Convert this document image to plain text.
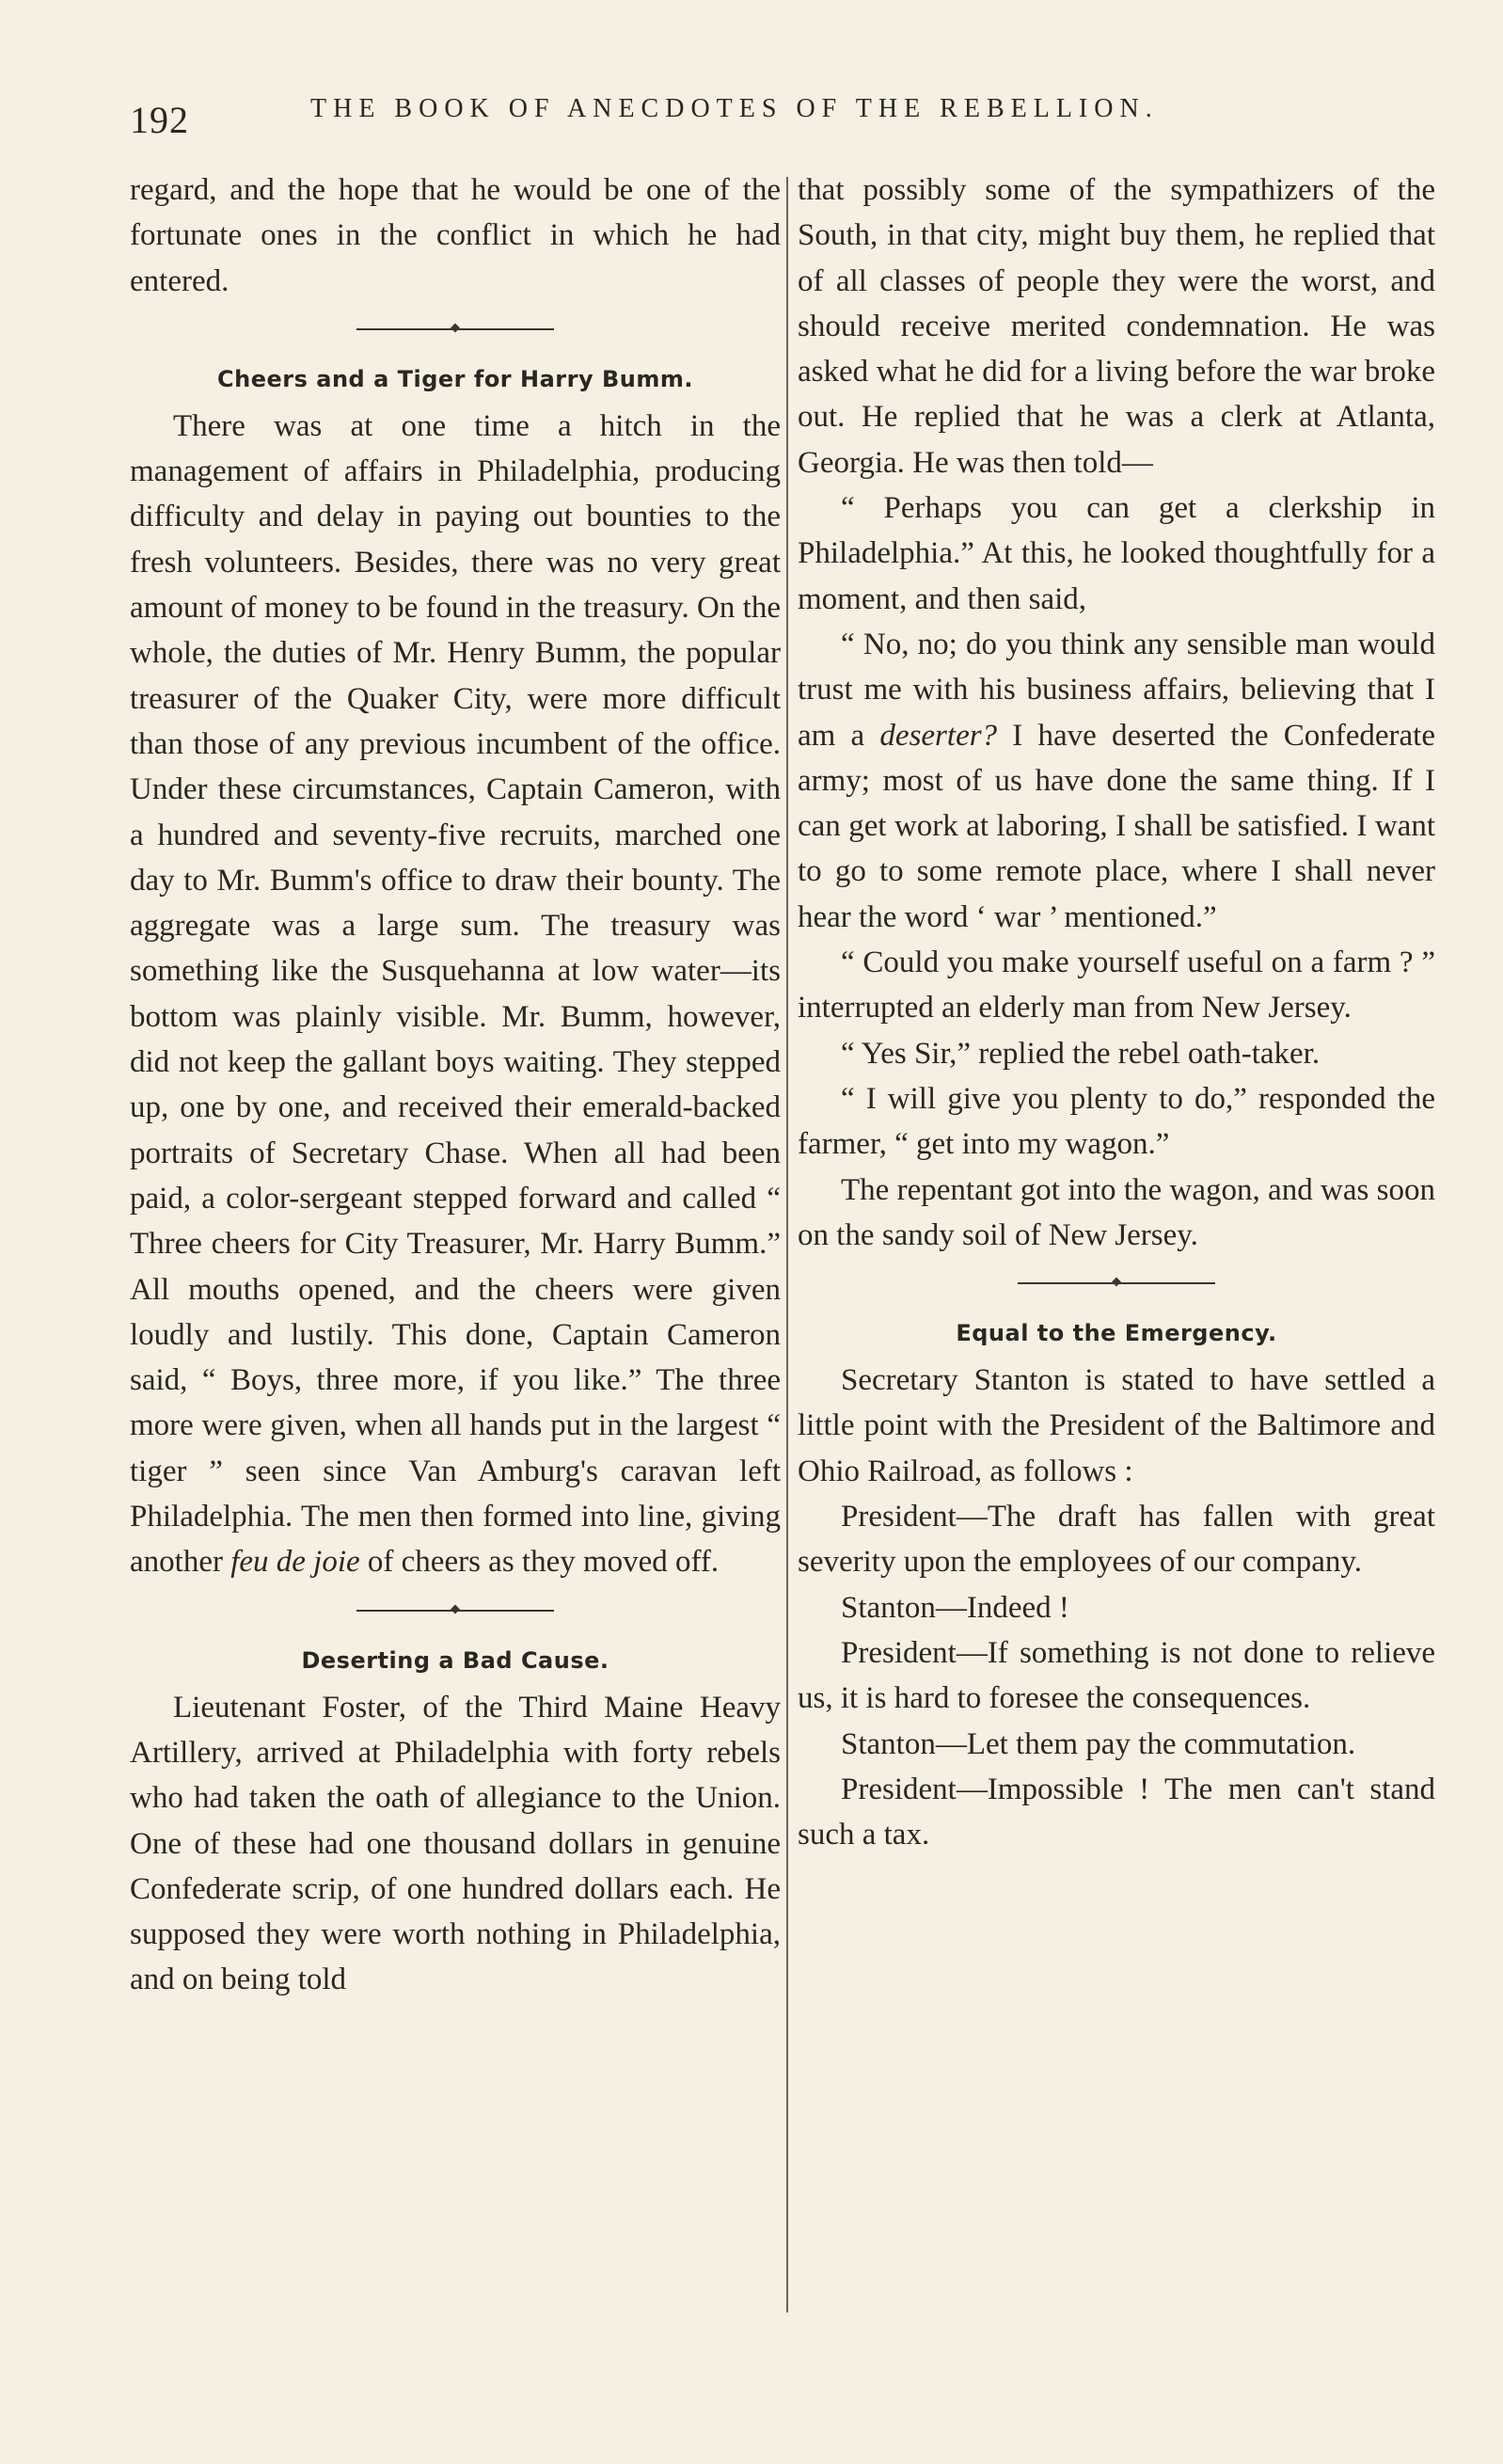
192	THE BOOK OF ANECDOTES OF THE REBELLION.

regard, and the hope that he would be one of the fortunate ones in the conflict in which he had entered.

Cheers and a Tiger for Harry Bumm.

There was at one time a hitch in the management of affairs in Philadelphia, producing difficulty and delay in paying out bounties to the fresh volunteers. Besides, there was no very great amount of money to be found in the treasury. On the whole, the duties of Mr. Henry Bumm, the popular treasurer of the Quaker City, were more difficult than those of any previous incumbent of the office. Under these circumstances, Captain Cameron, with a hundred and seventy-five recruits, marched one day to Mr. Bumm's office to draw their bounty. The aggregate was a large sum. The treasury was something like the Susquehanna at low water—its bottom was plainly visible. Mr. Bumm, however, did not keep the gallant boys waiting. They stepped up, one by one, and received their emerald-backed portraits of Secretary Chase. When all had been paid, a color-sergeant stepped forward and called “ Three cheers for City Treasurer, Mr. Harry Bumm.” All mouths opened, and the cheers were given loudly and lustily. This done, Captain Cameron said, “ Boys, three more, if you like.” The three more were given, when all hands put in the largest “ tiger ” seen since Van Amburg's caravan left Philadelphia. The men then formed into line, giving another feu de joie of cheers as they moved off.

Deserting a Bad Cause.

Lieutenant Foster, of the Third Maine Heavy Artillery, arrived at Philadelphia with forty rebels who had taken the oath of allegiance to the Union. One of these had one thousand dollars in genuine Confederate scrip, of one hundred dollars each. He supposed they were worth nothing in Philadelphia, and on being told

that possibly some of the sympathizers of the South, in that city, might buy them, he replied that of all classes of people they were the worst, and should receive merited condemnation. He was asked what he did for a living before the war broke out. He replied that he was a clerk at Atlanta, Georgia. He was then told—

“ Perhaps you can get a clerkship in Philadelphia.” At this, he looked thoughtfully for a moment, and then said,

“ No, no; do you think any sensible man would trust me with his business affairs, believing that I am a deserter? I have deserted the Confederate army; most of us have done the same thing. If I can get work at laboring, I shall be satisfied. I want to go to some remote place, where I shall never hear the word ‘ war ’ mentioned.”

“ Could you make yourself useful on a farm ? ” interrupted an elderly man from New Jersey.

“ Yes Sir,” replied the rebel oath-taker.

“ I will give you plenty to do,” responded the farmer, “ get into my wagon.”

The repentant got into the wagon, and was soon on the sandy soil of New Jersey.

Equal to the Emergency.

Secretary Stanton is stated to have settled a little point with the President of the Baltimore and Ohio Railroad, as follows :

President—The draft has fallen with great severity upon the employees of our company.

Stanton—Indeed !

President—If something is not done to relieve us, it is hard to foresee the consequences.

Stanton—Let them pay the commutation.

President—Impossible ! The men can't stand such a tax.
